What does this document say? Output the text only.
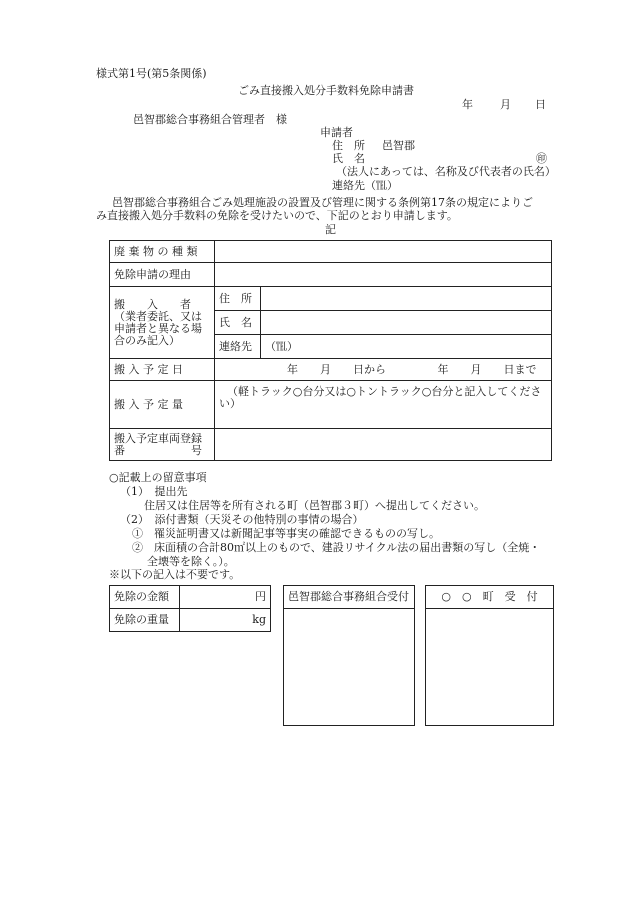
様式第1号(第5条関係)
ごみ直接搬入処分手数料免除申請書
年 月 日
邑智郡総合事務組合管理者　様
申請者
住　所 邑智郡
氏　名	㊞
（法人にあっては、名称及び代表者の氏名）
連絡先（℡）
邑智郡総合事務組合ごみ処理施設の設置及び管理に関する条例第17条の規定によりご
み直接搬入処分手数料の免除を受けたいので、下記のとおり申請します。
記
廃 棄 物 の 種 類		
免除申請の理由		

搬　　入　　者
（業者委託、又は
申請者と異なる場
合のみ記入）	住　所	
	氏　名	
	連絡先	（℡）
搬 入 予 定 日	年　　月　　日から 年　　月　　日まで	
搬 入 予 定 量	（軽トラック○台分又は○トントラック○台分と記入してください）	

搬入予定車両登録
番　　　　　　号		

○記載上の留意事項
（1）　提出先
住居又は住居等を所有される町（邑智郡３町）へ提出してください。
（2）　添付書類（天災その他特別の事情の場合）
①　罹災証明書又は新聞記事等事実の確認できるものの写し。
②　床面積の合計80㎡以上のもので、建設リサイクル法の届出書類の写し（全焼・
全壊等を除く。）。
※以下の記入は不要です。
免除の金額	円
免除の重量	kg
邑智郡総合事務組合受付	○　○　町　受　付
